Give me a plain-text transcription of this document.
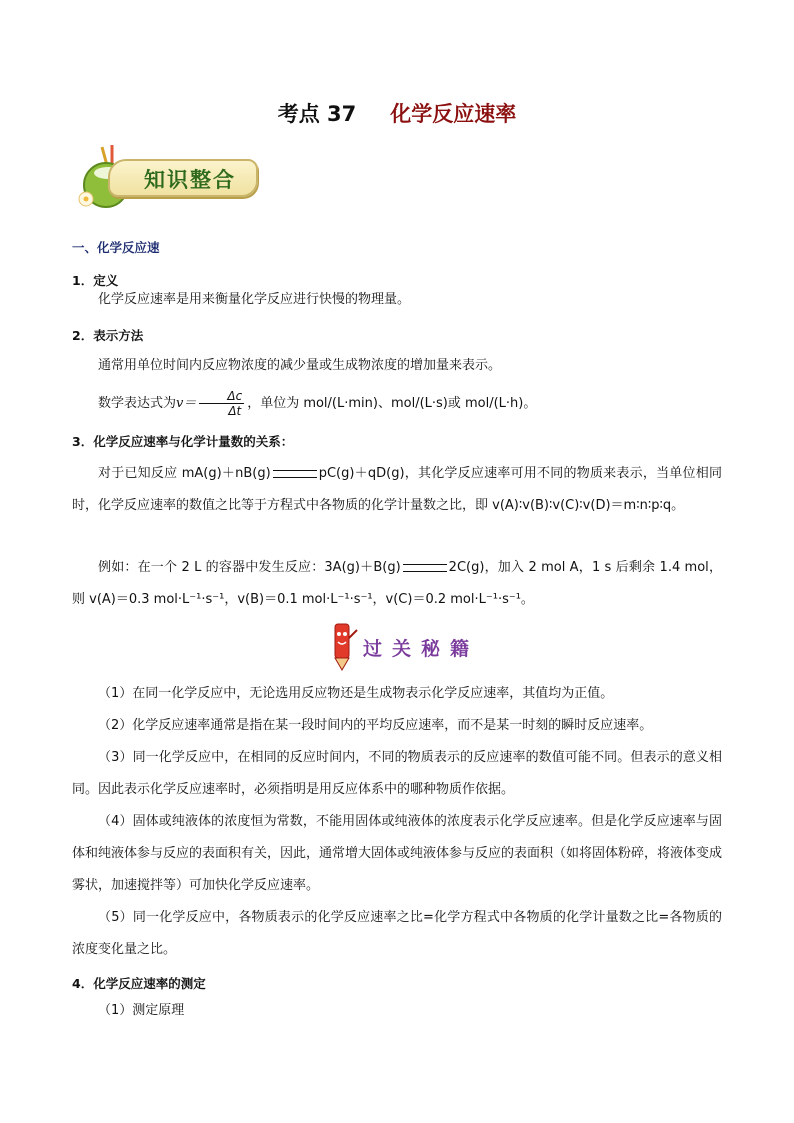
考点 37 化学反应速率
知识整合
一、化学反应速
1．定义
化学反应速率是用来衡量化学反应进行快慢的物理量。
2．表示方法
通常用单位时间内反应物浓度的减少量或生成物浓度的增加量来表示。
数学表达式为$v= \frac{\Delta c}{\Delta t}$ ，单位为 mol/(L·min)、mol/(L·s)或 mol/(L·h)。
3．化学反应速率与化学计量数的关系：
对于已知反应 mA(g)＋nB(g)	pC(g)＋qD(g)，其化学反应速率可用不同的物质来表示，当单位相同时，化学反应速率的数值之比等于方程式中各物质的化学计量数之比，即 v(A)∶v(B)∶v(C)∶v(D)＝m∶n∶p∶q。
例如：在一个 2 L 的容器中发生反应：3A(g)＋B(g)	2C(g)，加入 2 mol A，1 s 后剩余 1.4 mol，则 v(A)＝0.3 mol·L⁻¹·s⁻¹，v(B)＝0.1 mol·L⁻¹·s⁻¹，v(C)＝0.2 mol·L⁻¹·s⁻¹。
过关秘籍
（1）在同一化学反应中，无论选用反应物还是生成物表示化学反应速率，其值均为正值。
（2）化学反应速率通常是指在某一段时间内的平均反应速率，而不是某一时刻的瞬时反应速率。
（3）同一化学反应中，在相同的反应时间内，不同的物质表示的反应速率的数值可能不同。但表示的意义相同。因此表示化学反应速率时，必须指明是用反应体系中的哪种物质作依据。
（4）固体或纯液体的浓度恒为常数，不能用固体或纯液体的浓度表示化学反应速率。但是化学反应速率与固体和纯液体参与反应的表面积有关，因此，通常增大固体或纯液体参与反应的表面积（如将固体粉碎，将液体变成雾状，加速搅拌等）可加快化学反应速率。
（5）同一化学反应中，各物质表示的化学反应速率之比=化学方程式中各物质的化学计量数之比=各物质的浓度变化量之比。
4．化学反应速率的测定
（1）测定原理
